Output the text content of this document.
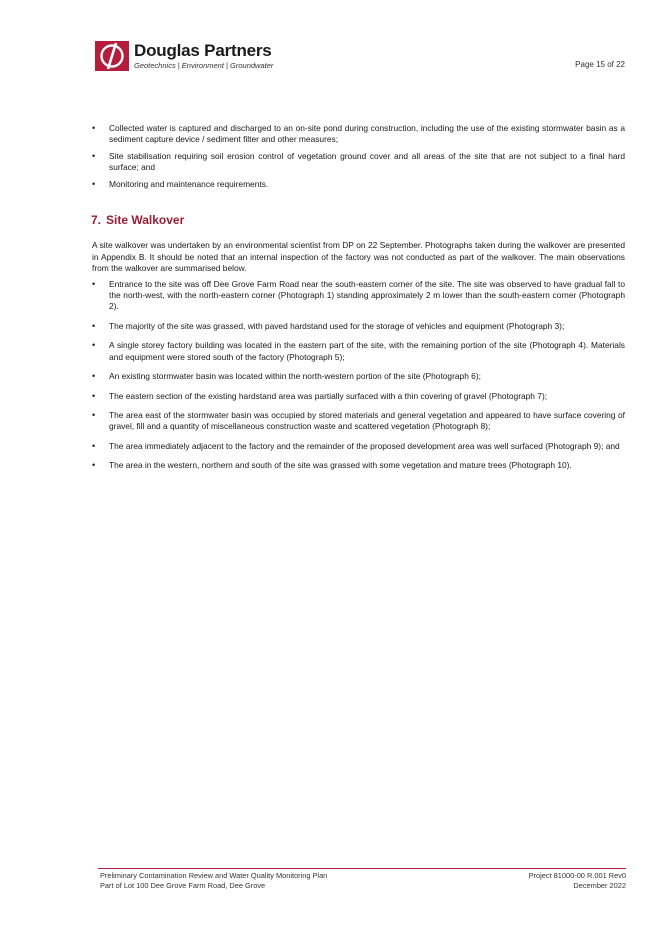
Douglas Partners
Geotechnics | Environment | Groundwater	Page 15 of 22
• Collected water is captured and discharged to an on-site pond during construction, including the use of the existing stormwater basin as a sediment capture device / sediment filter and other measures;
• Site stabilisation requiring soil erosion control of vegetation ground cover and all areas of the site that are not subject to a final hard surface; and
• Monitoring and maintenance requirements.
7. Site Walkover

A site walkover was undertaken by an environmental scientist from DP on 22 September. Photographs taken during the walkover are presented in Appendix B. It should be noted that an internal inspection of the factory was not conducted as part of the walkover. The main observations from the walkover are summarised below.

• Entrance to the site was off Dee Grove Farm Road near the south-eastern corner of the site. The site was observed to have gradual fall to the north-west, with the north-eastern corner (Photograph 1) standing approximately 2 m lower than the south-eastern corner (Photograph 2).
• The majority of the site was grassed, with paved hardstand used for the storage of vehicles and equipment (Photograph 3);
• A single storey factory building was located in the eastern part of the site, with the remaining portion of the site (Photograph 4). Materials and equipment were stored south of the factory (Photograph 5);
• An existing stormwater basin was located within the north-western portion of the site (Photograph 6);
• The eastern section of the existing hardstand area was partially surfaced with a thin covering of gravel (Photograph 7);
• The area east of the stormwater basin was occupied by stored materials and general vegetation and appeared to have surface covering of gravel, fill and a quantity of miscellaneous construction waste and scattered vegetation (Photograph 8);
• The area immediately adjacent to the factory and the remainder of the proposed development area was well surfaced (Photograph 9); and
• The area in the western, northern and south of the site was grassed with some vegetation and mature trees (Photograph 10).
Preliminary Contamination Review and Water Quality Monitoring Plan
Part of Lot 100 Dee Grove Farm Road, Dee Grove
Project 81000-00 R.001 Rev0
December 2022
